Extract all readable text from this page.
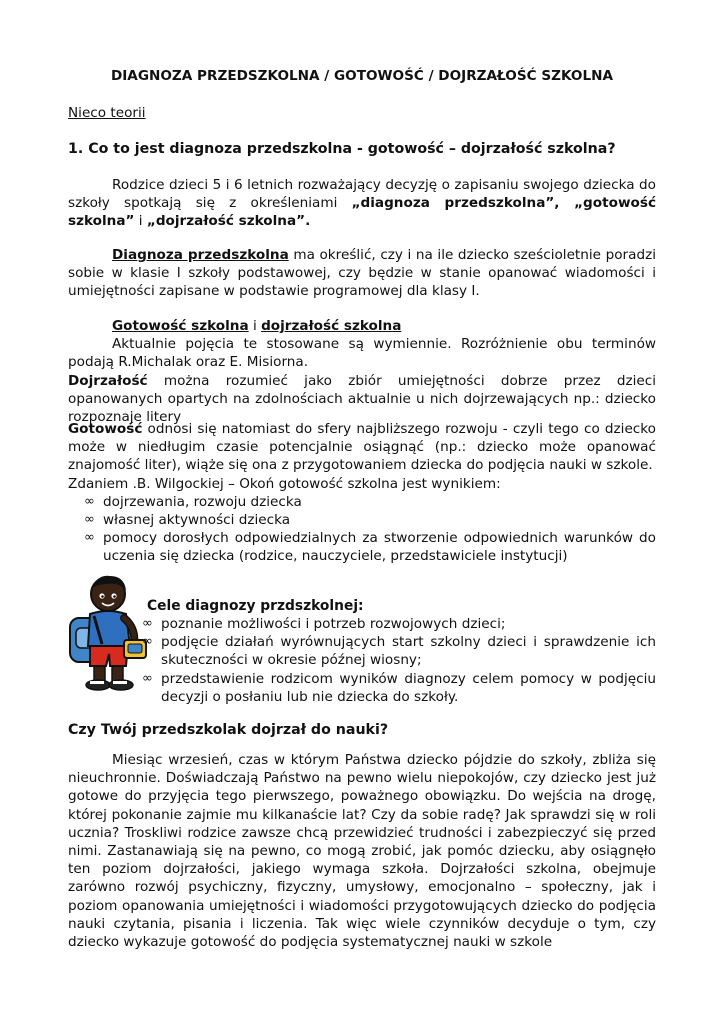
DIAGNOZA PRZEDSZKOLNA / GOTOWOŚĆ / DOJRZAŁOŚĆ SZKOLNA
Nieco teorii
1. Co to jest diagnoza przedszkolna - gotowość – dojrzałość szkolna?
Rodzice dzieci 5 i 6 letnich rozważający decyzję o zapisaniu swojego dziecka do szkoły spotkają się z określeniami „diagnoza przedszkolna”, „gotowość szkolna” i „dojrzałość szkolna”.
Diagnoza przedszkolna ma określić, czy i na ile dziecko sześcioletnie poradzi sobie w klasie I szkoły podstawowej, czy będzie w stanie opanować wiadomości i umiejętności zapisane w podstawie programowej dla klasy I.
Gotowość szkolna i dojrzałość szkolna
Aktualnie pojęcia te stosowane są wymiennie. Rozróżnienie obu terminów podają R.Michalak oraz E. Misiorna.
Dojrzałość można rozumieć jako zbiór umiejętności dobrze przez dzieci opanowanych opartych na zdolnościach aktualnie u nich dojrzewających np.: dziecko rozpoznaje litery
Gotowość odnosi się natomiast do sfery najbliższego rozwoju - czyli tego co dziecko może w niedługim czasie potencjalnie osiągnąć (np.: dziecko może opanować znajomość liter), wiąże się ona z przygotowaniem dziecka do podjęcia nauki w szkole.
Zdaniem .B. Wilgockiej – Okoń gotowość szkolna jest wynikiem:
∞ dojrzewania, rozwoju dziecka
∞ własnej aktywności dziecka
∞ pomocy dorosłych odpowiedzialnych za stworzenie odpowiednich warunków do uczenia się dziecka (rodzice, nauczyciele, przedstawiciele instytucji)
Cele diagnozy przdszkolnej:
∞ poznanie możliwości i potrzeb rozwojowych dzieci;
∞ podjęcie działań wyrównujących start szkolny dzieci i sprawdzenie ich skuteczności w okresie późnej wiosny;
∞ przedstawienie rodzicom wyników diagnozy celem pomocy w podjęciu decyzji o posłaniu lub nie dziecka do szkoły.
Czy Twój przedszkolak dojrzał do nauki?
Miesiąc wrzesień, czas w którym Państwa dziecko pójdzie do szkoły, zbliża się nieuchronnie. Doświadczają Państwo na pewno wielu niepokojów, czy dziecko jest już gotowe do przyjęcia tego pierwszego, poważnego obowiązku. Do wejścia na drogę, której pokonanie zajmie mu kilkanaście lat? Czy da sobie radę? Jak sprawdzi się w roli ucznia? Troskliwi rodzice zawsze chcą przewidzieć trudności i zabezpieczyć się przed nimi. Zastanawiają się na pewno, co mogą zrobić, jak pomóc dziecku, aby osiągnęło ten poziom dojrzałości, jakiego wymaga szkoła. Dojrzałości szkolna, obejmuje zarówno rozwój psychiczny, fizyczny, umysłowy, emocjonalno – społeczny, jak i poziom opanowania umiejętności i wiadomości przygotowujących dziecko do podjęcia nauki czytania, pisania i liczenia. Tak więc wiele czynników decyduje o tym, czy dziecko wykazuje gotowość do podjęcia systematycznej nauki w szkole
